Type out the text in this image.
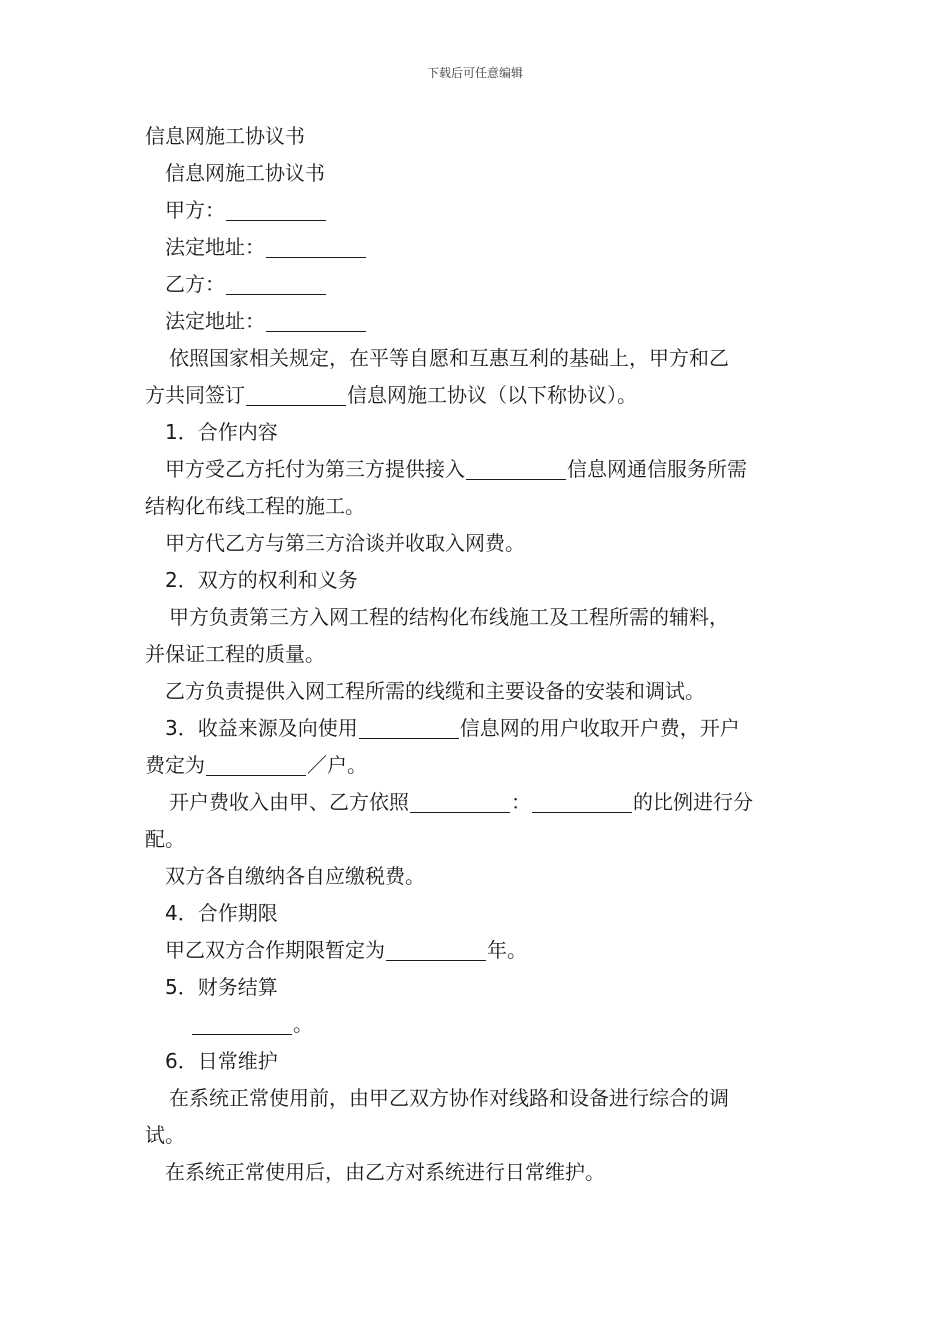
下载后可任意编辑
信息网施工协议书
信息网施工协议书
甲方：
法定地址：
乙方：
法定地址：
依照国家相关规定，在平等自愿和互惠互利的基础上，甲方和乙
方共同签订	信息网施工协议（以下称协议）。
1．合作内容
甲方受乙方托付为第三方提供接入	信息网通信服务所需
结构化布线工程的施工。
甲方代乙方与第三方洽谈并收取入网费。
2．双方的权利和义务
甲方负责第三方入网工程的结构化布线施工及工程所需的辅料，
并保证工程的质量。
乙方负责提供入网工程所需的线缆和主要设备的安装和调试。
3．收益来源及向使用	信息网的用户收取开户费，开户
费定为	／户。
开户费收入由甲、乙方依照	：	的比例进行分
配。
双方各自缴纳各自应缴税费。
4．合作期限
甲乙双方合作期限暂定为	年。
5．财务结算
。
6．日常维护
在系统正常使用前，由甲乙双方协作对线路和设备进行综合的调
试。
在系统正常使用后，由乙方对系统进行日常维护。
